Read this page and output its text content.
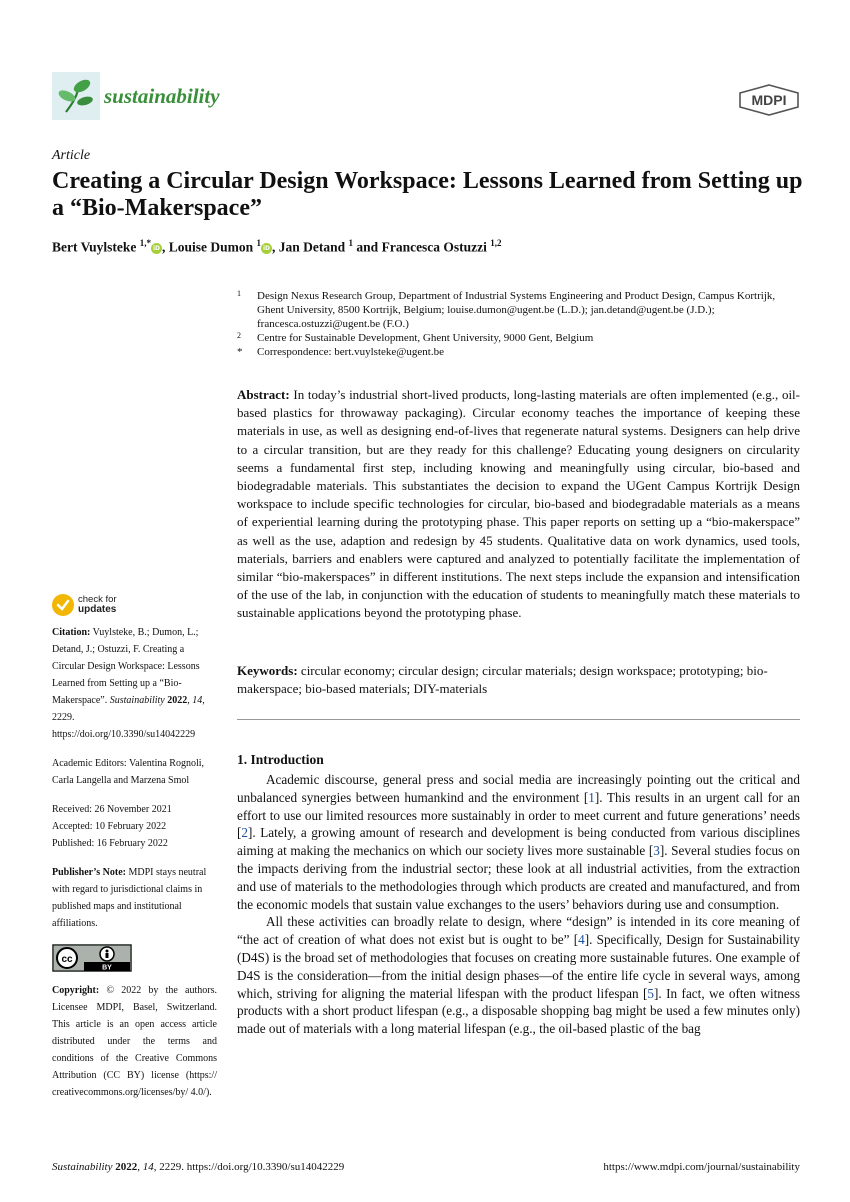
sustainability	MDPI
Article
Creating a Circular Design Workspace: Lessons Learned from Setting up a “Bio-Makerspace”
Bert Vuylsteke $^{1,*}$iD , Louise Dumon $^1$iD , Jan Detand $^1$ and Francesca Ostuzzi $^{1,2}$
1 Design Nexus Research Group, Department of Industrial Systems Engineering and Product Design, Campus Kortrijk, Ghent University, 8500 Kortrijk, Belgium; louise.dumon@ugent.be (L.D.); jan.detand@ugent.be (J.D.); francesca.ostuzzi@ugent.be (F.O.)
2 Centre for Sustainable Development, Ghent University, 9000 Gent, Belgium
* Correspondence: bert.vuylsteke@ugent.be
Abstract: In today’s industrial short-lived products, long-lasting materials are often implemented (e.g., oil-based plastics for throwaway packaging). Circular economy teaches the importance of keeping these materials in use, as well as designing end-of-lives that regenerate natural systems. Designers can help drive to a circular transition, but are they ready for this challenge? Educating young designers on circularity seems a fundamental first step, including knowing and meaningfully using circular, bio-based and biodegradable materials. This substantiates the decision to expand the UGent Campus Kortrijk Design workspace to include specific technologies for circular, bio-based and biodegradable materials as a means of experiential learning during the prototyping phase. This paper reports on setting up a “bio-makerspace” as well as the use, adaption and redesign by 45 students. Qualitative data on work dynamics, used tools, materials, barriers and enablers were captured and analyzed to potentially facilitate the implementation of similar “bio-makerspaces” in different institutions. The next steps include the expansion and intensification of the use of the lab, in conjunction with the education of students to meaningfully match these materials to sustainable applications beyond the prototyping phase.
Keywords: circular economy; circular design; circular materials; design workspace; prototyping; bio-makerspace; bio-based materials; DIY-materials
1. Introduction

Academic discourse, general press and social media are increasingly pointing out the critical and unbalanced synergies between humankind and the environment [1]. This results in an urgent call for an effort to use our limited resources more sustainably in order to meet current and future generations’ needs [2]. Lately, a growing amount of research and development is being conducted from various disciplines aiming at making the mechanics on which our society lives more sustainable [3]. Several studies focus on the impacts deriving from the industrial sector; these look at all industrial activities, from the extraction and use of materials to the methodologies through which products are created and manufactured, and from the economic models that sustain value exchanges to the users’ behaviors during use and consumption.

All these activities can broadly relate to design, where “design” is intended in its core meaning of “the act of creation of what does not exist but is ought to be” [4]. Specifically, Design for Sustainability (D4S) is the broad set of methodologies that focuses on creating more sustainable futures. One example of D4S is the consideration—from the initial design phases—of the entire life cycle in several ways, among which, striving for aligning the material lifespan with the product lifespan [5]. In fact, we often witness products with a short product lifespan (e.g., a disposable shopping bag might be used a few minutes only) made out of materials with a long material lifespan (e.g., the oil-based plastic of the bag

check for
updates
Citation: Vuylsteke, B.; Dumon, L.; Detand, J.; Ostuzzi, F. Creating a Circular Design Workspace: Lessons Learned from Setting up a “Bio-Makerspace”. Sustainability 2022, 14, 2229. https://doi.org/10.3390/su14042229
Academic Editors: Valentina Rognoli, Carla Langella and Marzena Smol
Received: 26 November 2021
Accepted: 10 February 2022
Published: 16 February 2022
Publisher’s Note: MDPI stays neutral with regard to jurisdictional claims in published maps and institutional affiliations.
cc
BY
Copyright: © 2022 by the authors. Licensee MDPI, Basel, Switzerland. This article is an open access article distributed under the terms and conditions of the Creative Commons Attribution (CC BY) license (https:// creativecommons.org/licenses/by/ 4.0/).
Sustainability 2022, 14, 2229. https://doi.org/10.3390/su14042229	https://www.mdpi.com/journal/sustainability
